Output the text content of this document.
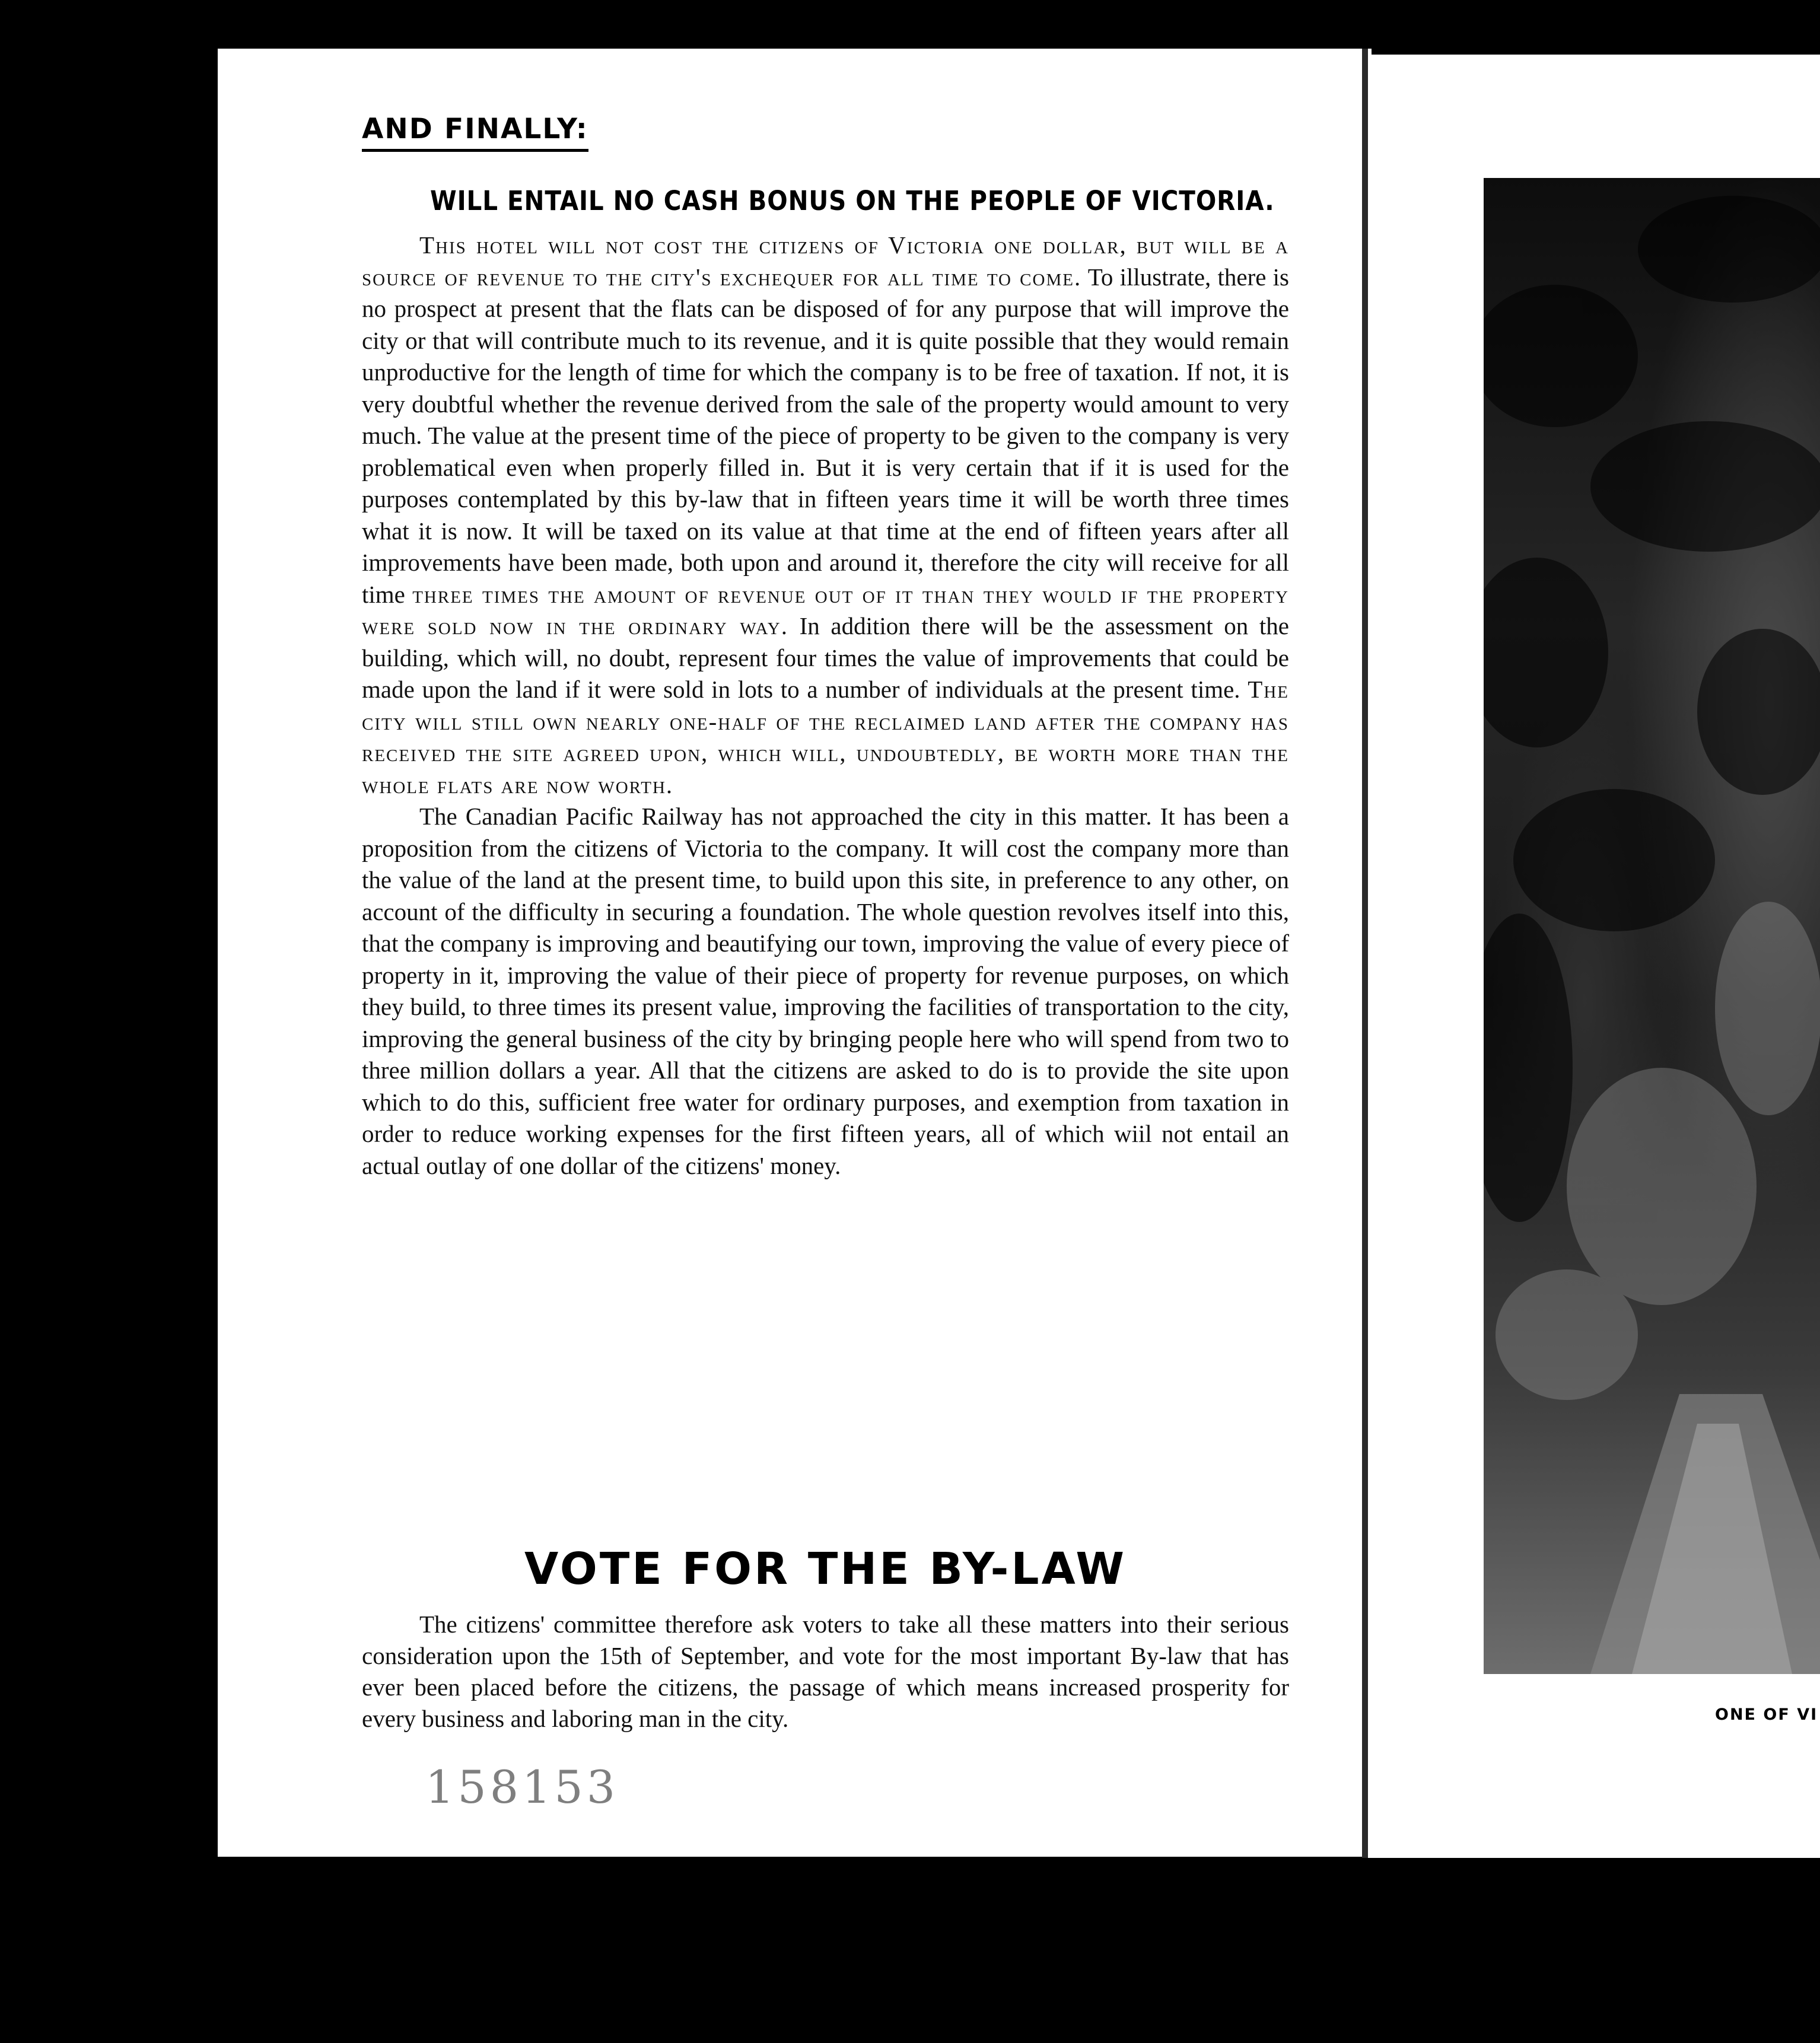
AND FINALLY:
WILL ENTAIL NO CASH BONUS ON THE PEOPLE OF VICTORIA.

This hotel will not cost the citizens of Victoria one dollar, but will be a source of revenue to the city's exchequer for all time to come. To illustrate, there is no prospect at present that the flats can be disposed of for any purpose that will improve the city or that will contribute much to its revenue, and it is quite possible that they would remain unproductive for the length of time for which the company is to be free of taxation. If not, it is very doubtful whether the revenue derived from the sale of the property would amount to very much. The value at the present time of the piece of property to be given to the company is very problematical even when properly filled in. But it is very certain that if it is used for the purposes contemplated by this by-law that in fifteen years time it will be worth three times what it is now. It will be taxed on its value at that time at the end of fifteen years after all improvements have been made, both upon and around it, therefore the city will receive for all time three times the amount of revenue out of it than they would if the property were sold now in the ordinary way. In addition there will be the assessment on the building, which will, no doubt, represent four times the value of improvements that could be made upon the land if it were sold in lots to a number of individuals at the present time. The city will still own nearly one-half of the reclaimed land after the company has received the site agreed upon, which will, undoubtedly, be worth more than the whole flats are now worth.

The Canadian Pacific Railway has not approached the city in this matter. It has been a proposition from the citizens of Victoria to the company. It will cost the company more than the value of the land at the present time, to build upon this site, in preference to any other, on account of the difficulty in securing a foundation. The whole question revolves itself into this, that the company is improving and beautifying our town, improving the value of every piece of property in it, improving the value of their piece of property for revenue purposes, on which they build, to three times its present value, improving the facilities of transportation to the city, improving the general business of the city by bringing people here who will spend from two to three million dollars a year. All that the citizens are asked to do is to provide the site upon which to do this, sufficient free water for ordinary purposes, and exemption from taxation in order to reduce working expenses for the first fifteen years, all of which wiil not entail an actual outlay of one dollar of the citizens' money.

VOTE FOR THE BY-LAW

The citizens' committee therefore ask voters to take all these matters into their serious consideration upon the 15th of September, and vote for the most important By-law that has ever been placed before the citizens, the passage of which means increased prosperity for every business and laboring man in the city.

158153
ONE OF VI
